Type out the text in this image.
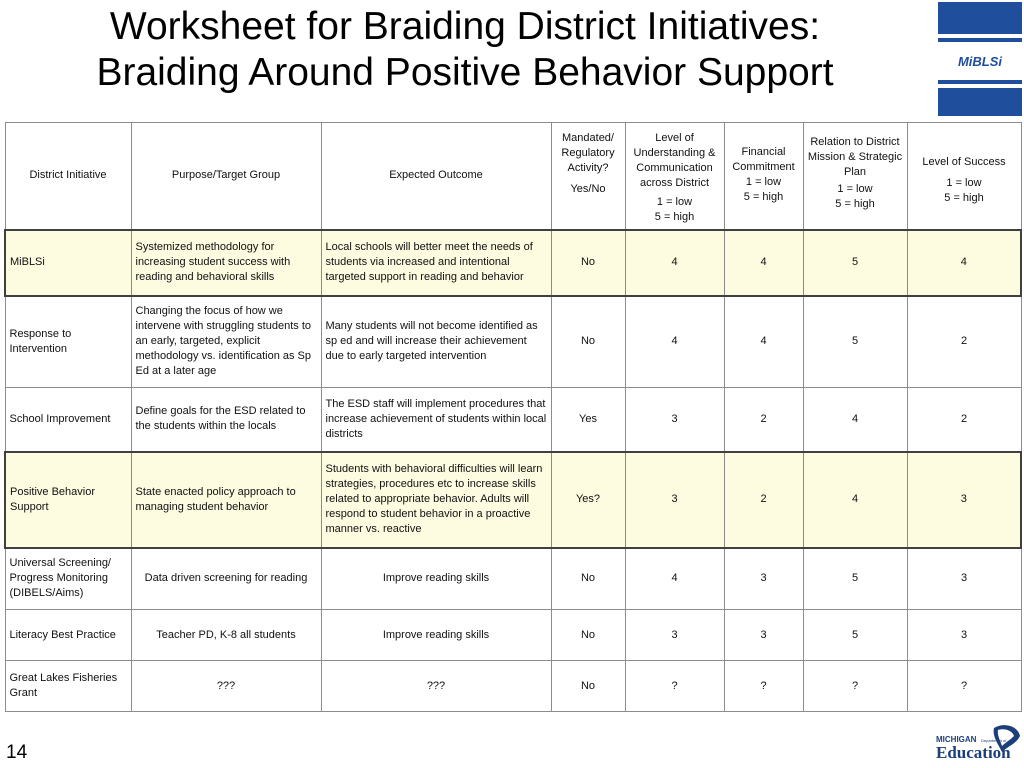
Worksheet for Braiding District Initiatives:
Braiding Around Positive Behavior Support	MiBLSi
District Initiative	Purpose/Target Group	Expected Outcome	Mandated/ Regulatory Activity?
Yes/No	Level of Understanding & Communication across District
1 = low
5 = high	Financial Commitment
1 = low
5 = high	Relation to District Mission & Strategic Plan
1 = low
5 = high	Level of Success
1 = low
5 = high

MiBLSi	Systemized methodology for increasing student success with reading and behavioral skills	Local schools will better meet the needs of students via increased and intentional targeted support in reading and behavior	No	4	4	5	4
Response to Intervention	Changing the focus of how we intervene with struggling students to an early, targeted, explicit methodology vs. identification as Sp Ed at a later age	Many students will not become identified as sp ed and will increase their achievement due to early targeted intervention	No	4	4	5	2
School Improvement	Define goals for the ESD related to the students within the locals	The ESD staff will implement procedures that increase achievement of students within local districts	Yes	3	2	4	2
Positive Behavior Support	State enacted policy approach to managing student behavior	Students with behavioral difficulties will learn strategies, procedures etc to increase skills related to appropriate behavior. Adults will respond to student behavior in a proactive manner vs. reactive	Yes?	3	2	4	3
Universal Screening/ Progress Monitoring (DIBELS/Aims)	Data driven screening for reading	Improve reading skills	No	4	3	5	3
Literacy Best Practice	Teacher PD, K-8 all students	Improve reading skills	No	3	3	5	3
Great Lakes Fisheries Grant	???	???	No	?	?	?	?
14
MICHIGAN Department of
Education
